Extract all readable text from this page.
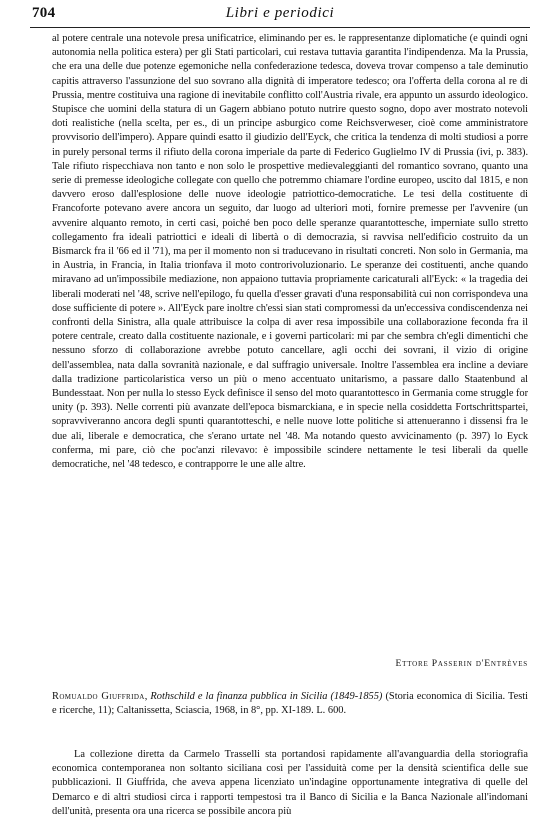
704	Libri e periodici

al potere centrale una notevole presa unificatrice, eliminando per es. le rappresentanze diplomatiche (e quindi ogni autonomia nella politica estera) per gli Stati particolari, cui restava tuttavia garantita l'indipendenza. Ma la Prussia, che era una delle due potenze egemoniche nella confederazione tedesca, doveva trovar compenso a tale deminutio capitis attraverso l'assunzione del suo sovrano alla dignità di imperatore tedesco; ora l'offerta della corona al re di Prussia, mentre costituiva una ragione di inevitabile conflitto coll'Austria rivale, era appunto un assurdo ideologico. Stupisce che uomini della statura di un Gagern abbiano potuto nutrire questo sogno, dopo aver mostrato notevoli doti realistiche (nella scelta, per es., di un principe asburgico come Reichsverweser, cioè come amministratore provvisorio dell'impero). Appare quindi esatto il giudizio dell'Eyck, che critica la tendenza di molti studiosi a porre in purely personal terms il rifiuto della corona imperiale da parte di Federico Guglielmo IV di Prussia (ivi, p. 383). Tale rifiuto rispecchiava non tanto e non solo le prospettive medievaleggianti del romantico sovrano, quanto una serie di premesse ideologiche collegate con quello che potremmo chiamare l'ordine europeo, uscito dal 1815, e non davvero eroso dall'esplosione delle nuove ideologie patriottico-democratiche. Le tesi della costituente di Francoforte potevano avere ancora un seguito, dar luogo ad ulteriori moti, fornire premesse per l'avvenire (un avvenire alquanto remoto, in certi casi, poiché ben poco delle speranze quarantottesche, imperniate sullo stretto collegamento fra ideali patriottici e ideali di libertà o di democrazia, si ravvisa nell'edificio costruito da un Bismarck fra il '66 ed il '71), ma per il momento non si traducevano in risultati concreti. Non solo in Germania, ma in Austria, in Francia, in Italia trionfava il moto controrivoluzionario. Le speranze dei costituenti, anche quando miravano ad un'impossibile mediazione, non appaiono tuttavia propriamente caricaturali all'Eyck: « la tragedia dei liberali moderati nel '48, scrive nell'epilogo, fu quella d'esser gravati d'una responsabilità cui non corrispondeva una dose sufficiente di potere ». All'Eyck pare inoltre ch'essi sian stati compromessi da un'eccessiva condiscendenza nei confronti della Sinistra, alla quale attribuisce la colpa di aver resa impossibile una collaborazione feconda fra il potere centrale, creato dalla costituente nazionale, e i governi particolari: mi par che sembra ch'egli dimentichi che nessuno sforzo di collaborazione avrebbe potuto cancellare, agli occhi dei sovrani, il vizio di origine dell'assemblea, nata dalla sovranità nazionale, e dal suffragio universale. Inoltre l'assemblea era incline a deviare dalla tradizione particolaristica verso un più o meno accentuato unitarismo, a passare dallo Staatenbund al Bundesstaat. Non per nulla lo stesso Eyck definisce il senso del moto quarantottesco in Germania come struggle for unity (p. 393). Nelle correnti più avanzate dell'epoca bismarckiana, e in specie nella cosiddetta Fortschrittspartei, sopravviveranno ancora degli spunti quarantotteschi, e nelle nuove lotte politiche si attenueranno i dissensi fra le due ali, liberale e democratica, che s'erano urtate nel '48. Ma notando questo avvicinamento (p. 397) lo Eyck conferma, mi pare, ciò che poc'anzi rilevavo: è impossibile scindere nettamente le tesi liberali da quelle democratiche, nel '48 tedesco, e contrapporre le une alle altre.

Ettore Passerin d'Entrèves
Romualdo Giuffrida, Rothschild e la finanza pubblica in Sicilia (1849-1855) (Storia economica di Sicilia. Testi e ricerche, 11); Caltanissetta, Sciascia, 1968, in 8°, pp. XI-189. L. 600.

La collezione diretta da Carmelo Trasselli sta portandosi rapidamente all'avanguardia della storiografia economica contemporanea non soltanto siciliana così per l'assiduità come per la densità scientifica delle sue pubblicazioni. Il Giuffrida, che aveva appena licenziato un'indagine opportunamente integrativa di quelle del Demarco e di altri studiosi circa i rapporti tempestosi tra il Banco di Sicilia e la Banca Nazionale all'indomani dell'unità, presenta ora una ricerca se possibile ancora più
